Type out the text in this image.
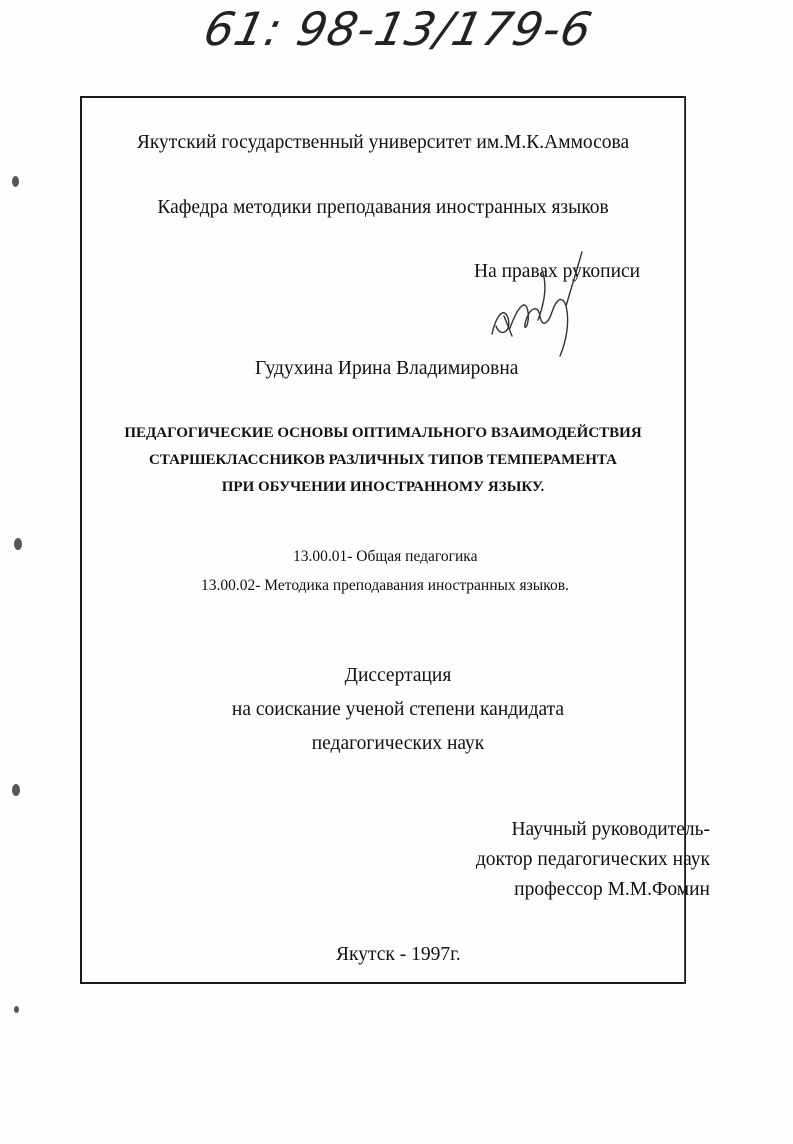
61: 98-13/179-6
Якутский государственный университет им.М.К.Аммосова
Кафедра методики преподавания иностранных языков
На правах рукописи
Гудухина Ирина Владимировна
ПЕДАГОГИЧЕСКИЕ ОСНОВЫ ОПТИМАЛЬНОГО ВЗАИМОДЕЙСТВИЯ
СТАРШЕКЛАССНИКОВ РАЗЛИЧНЫХ ТИПОВ ТЕМПЕРАМЕНТА
ПРИ ОБУЧЕНИИ ИНОСТРАННОМУ ЯЗЫКУ.
13.00.01- Общая педагогика
13.00.02- Методика преподавания иностранных языков.
Диссертация
на соискание ученой степени кандидата
педагогических наук
Научный руководитель-
доктор педагогических наук
профессор М.М.Фомин
Якутск - 1997г.
